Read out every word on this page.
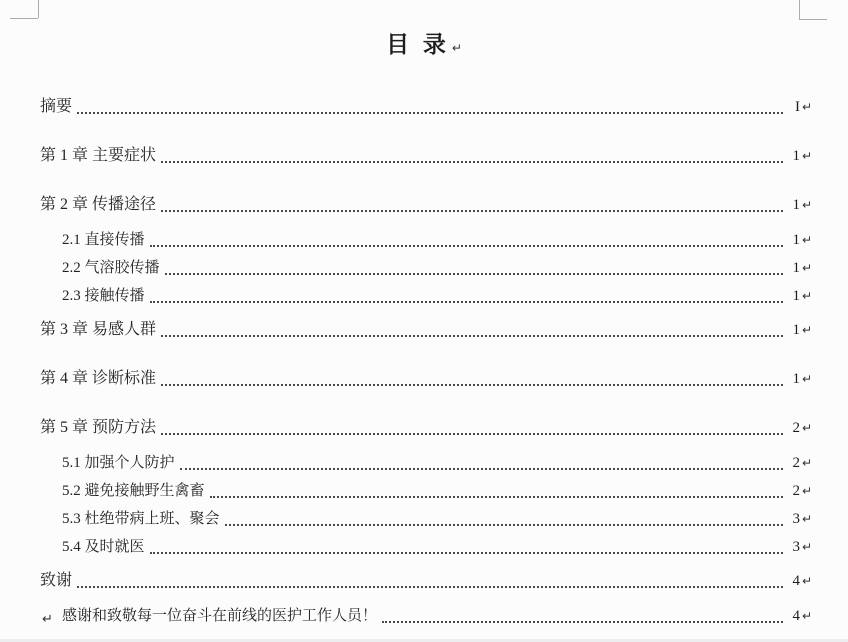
目 录 ↵
摘要	I ↵
第 1 章 主要症状	1 ↵
第 2 章 传播途径	1 ↵
2.1 直接传播	1 ↵
2.2 气溶胶传播	1 ↵
2.3 接触传播	1 ↵
第 3 章 易感人群	1 ↵
第 4 章 诊断标准	1 ↵
第 5 章 预防方法	2 ↵
5.1 加强个人防护	2 ↵
5.2 避免接触野生禽畜	2 ↵
5.3 杜绝带病上班、聚会	3 ↵
5.4 及时就医	3 ↵
致谢	4 ↵
感谢和致敬每一位奋斗在前线的医护工作人员！	4 ↵
↵
